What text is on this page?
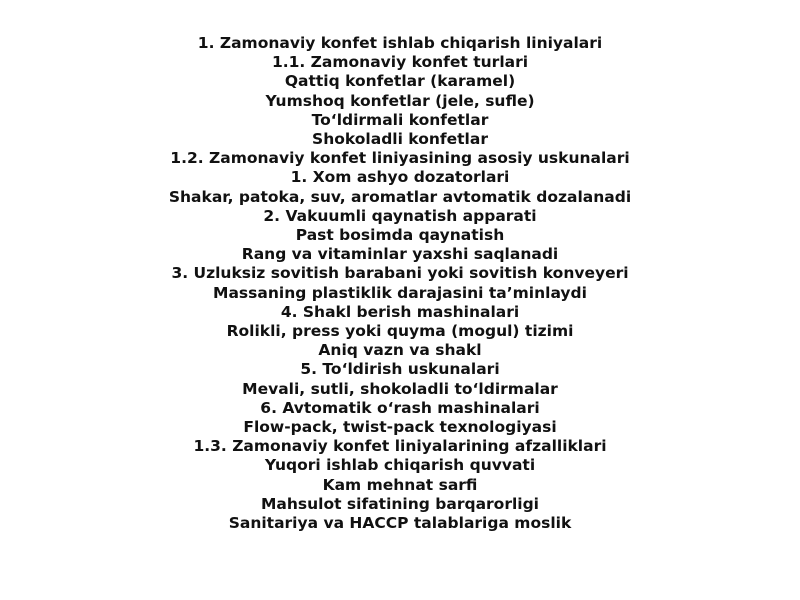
1. Zamonaviy konfet ishlab chiqarish liniyalari
1.1. Zamonaviy konfet turlari
Qattiq konfetlar (karamel)
Yumshoq konfetlar (jele, sufle)
To‘ldirmali konfetlar
Shokoladli konfetlar
1.2. Zamonaviy konfet liniyasining asosiy uskunalari
1. Xom ashyo dozatorlari
Shakar, patoka, suv, aromatlar avtomatik dozalanadi
2. Vakuumli qaynatish apparati
Past bosimda qaynatish
Rang va vitaminlar yaxshi saqlanadi
3. Uzluksiz sovitish barabani yoki sovitish konveyeri
Massaning plastiklik darajasini ta’minlaydi
4. Shakl berish mashinalari
Rolikli, press yoki quyma (mogul) tizimi
Aniq vazn va shakl
5. To‘ldirish uskunalari
Mevali, sutli, shokoladli to‘ldirmalar
6. Avtomatik o‘rash mashinalari
Flow-pack, twist-pack texnologiyasi
1.3. Zamonaviy konfet liniyalarining afzalliklari
Yuqori ishlab chiqarish quvvati
Kam mehnat sarfi
Mahsulot sifatining barqarorligi
Sanitariya va HACCP talablariga moslik
